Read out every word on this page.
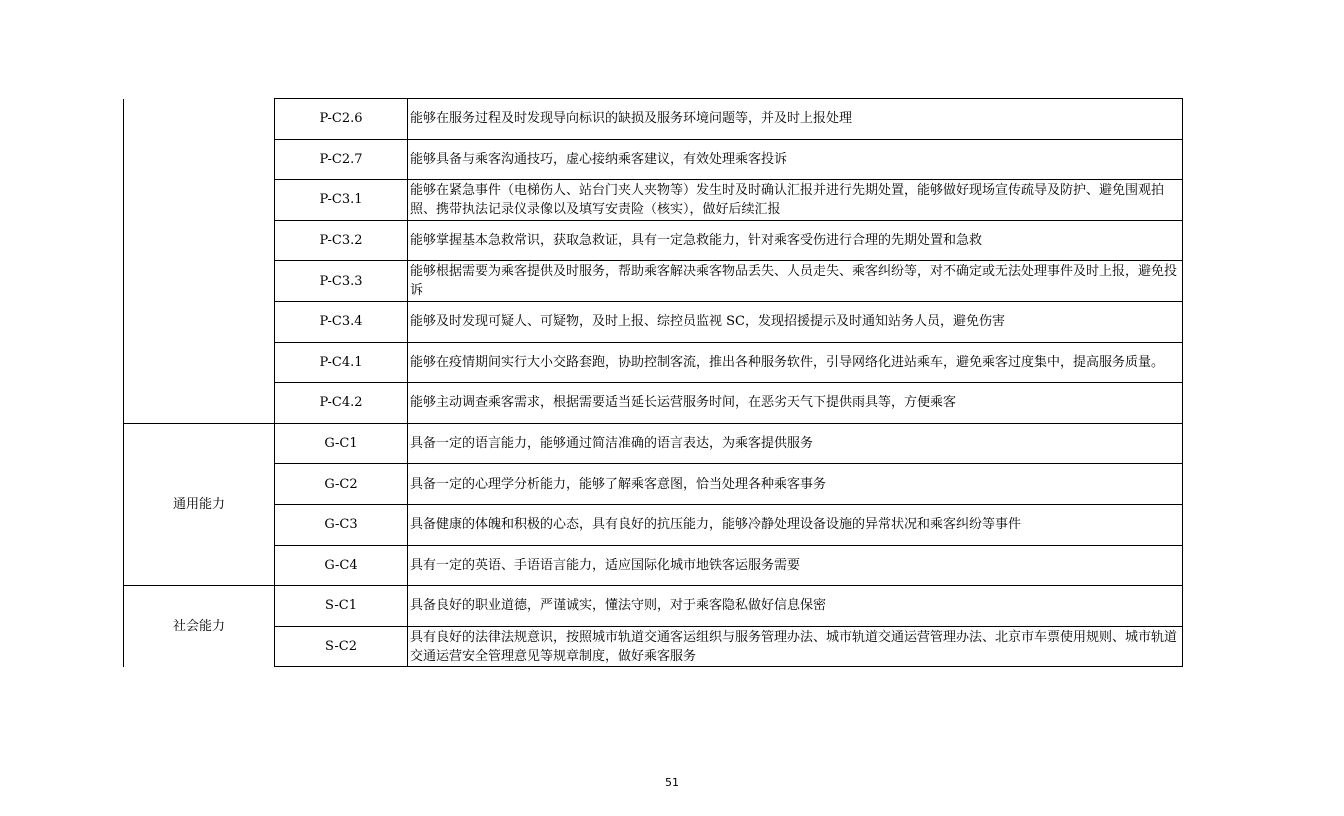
	P-C2.6	能够在服务过程及时发现导向标识的缺损及服务环境问题等，并及时上报处理
	P-C2.7	能够具备与乘客沟通技巧，虚心接纳乘客建议，有效处理乘客投诉
	P-C3.1	能够在紧急事件（电梯伤人、站台门夹人夹物等）发生时及时确认汇报并进行先期处置，能够做好现场宣传疏导及防护、避免围观拍照、携带执法记录仪录像以及填写安责险（核实），做好后续汇报
	P-C3.2	能够掌握基本急救常识，获取急救证，具有一定急救能力，针对乘客受伤进行合理的先期处置和急救
	P-C3.3	能够根据需要为乘客提供及时服务，帮助乘客解决乘客物品丢失、人员走失、乘客纠纷等，对不确定或无法处理事件及时上报，避免投诉
	P-C3.4	能够及时发现可疑人、可疑物，及时上报、综控员监视 SC，发现招援提示及时通知站务人员，避免伤害
	P-C4.1	能够在疫情期间实行大小交路套跑，协助控制客流，推出各种服务软件，引导网络化进站乘车，避免乘客过度集中，提高服务质量。
	P-C4.2	能够主动调查乘客需求，根据需要适当延长运营服务时间，在恶劣天气下提供雨具等，方便乘客
通用能力	G-C1	具备一定的语言能力，能够通过简洁准确的语言表达，为乘客提供服务
	G-C2	具备一定的心理学分析能力，能够了解乘客意图，恰当处理各种乘客事务
	G-C3	具备健康的体魄和积极的心态，具有良好的抗压能力，能够冷静处理设备设施的异常状况和乘客纠纷等事件
	G-C4	具有一定的英语、手语语言能力，适应国际化城市地铁客运服务需要
社会能力	S-C1	具备良好的职业道德，严谨诚实，懂法守则，对于乘客隐私做好信息保密
	S-C2	具有良好的法律法规意识，按照城市轨道交通客运组织与服务管理办法、城市轨道交通运营管理办法、北京市车票使用规则、城市轨道交通运营安全管理意见等规章制度，做好乘客服务
51
